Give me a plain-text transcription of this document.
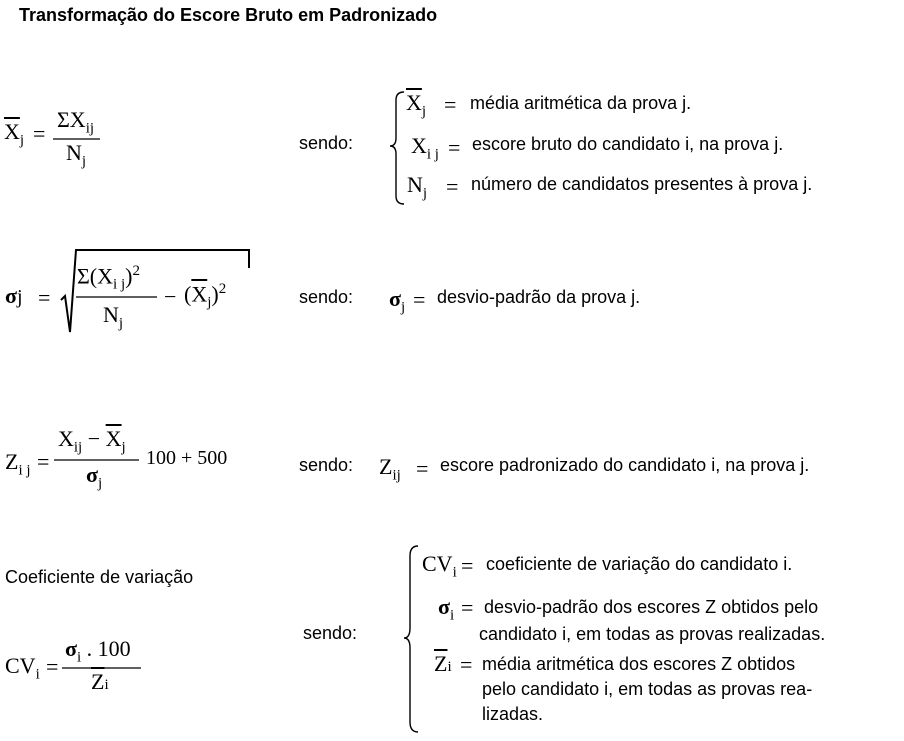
Transformação do Escore Bruto em Padronizado
$\overline{X}_j$ =
$\Sigma X_{ij}$
$N_j$
sendo:
$\overline{X}_j$ = média aritmética da prova j.
$X_{i j}$ = escore bruto do candidato i, na prova j.
$N_j$ = número de candidatos presentes à prova j.
σj =
$\Sigma(X_{i j})^2$
$N_j$
− $(\overline{X}_j)^2$	sendo: $\sigma_j$ = desvio-padrão da prova j.
$Z_{i j}$ =
$X_{ij} - \overline{X}_j$
$\sigma_j$
100 + 500	sendo: $Z_{ij}$ = escore padronizado do candidato i, na prova j.
Coeficiente de variação
$CV_i$ =
$\sigma_i$ . 100
$\overline{Z}i$
sendo:
$CV_i$ = coeficiente de variação do candidato i.
$\sigma_i$ = desvio-padrão dos escores Z obtidos pelo
candidato i, em todas as provas realizadas.
$\overline{Z}i$ = média aritmética dos escores Z obtidos
pelo candidato i, em todas as provas rea-
lizadas.
